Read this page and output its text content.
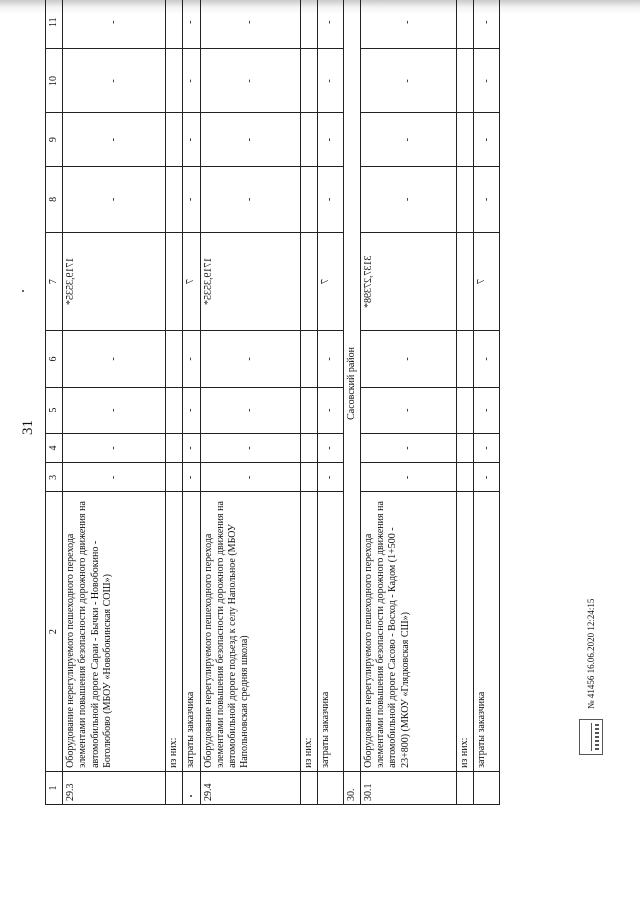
31
№ 41456 16.06.2020 12:24:15
1	2	3	4	5	6	7	8	9	10	11
29.3	Оборудование нерегулируемого пешеходного перехода элементами повышения безопасности дорожного движения на автомобильной дороге Сараи - Бычки - Новобокино - Боголюбово (МБОУ «Новобокинская СОШ»)	-	-	-	-	1719,3535*	-	-	-	-
	из них:									
	затраты заказчика	-	-	-	-	7	-	-	-	-
29.4	Оборудование нерегулируемого пешеходного перехода элементами повышения безопасности дорожного движения на автомобильной дороге подъезд к селу Напольное (МБОУ Напольновская средняя школа)	-	-	-	-	1719,3535*	-	-	-	-
	из них:									
	затраты заказчика	-	-	-	-	7	-	-	-	-
30.	Сасовский район									
30.1	Оборудование нерегулируемого пешеходного перехода элементами повышения безопасности дорожного движения на автомобильной дороге Сасово - Восход - Кадом (1+500 - 23+800) (МКОУ «Глядковская СШ»)	-	-	-	-	3137,27398*	-	-	-	-
	из них:									
	затраты заказчика	-	-	-	-	7	-	-	-	-
